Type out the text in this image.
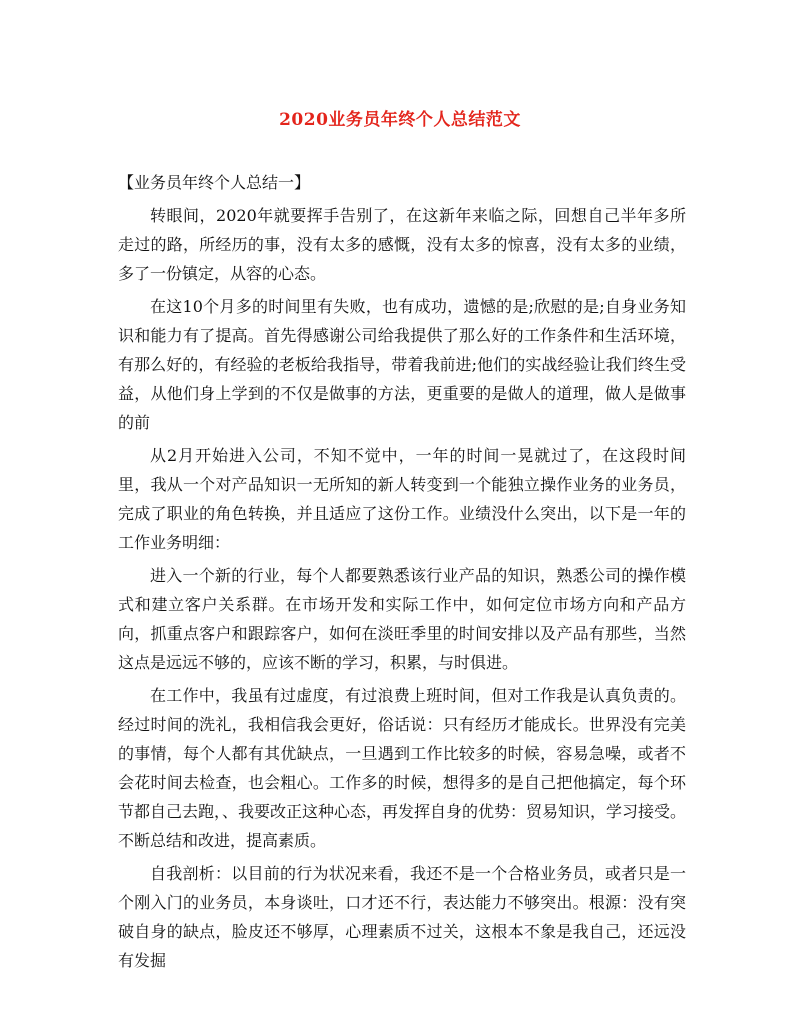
2020业务员年终个人总结范文

【业务员年终个人总结一】

转眼间，2020年就要挥手告别了，在这新年来临之际，回想自己半年多所走过的路，所经历的事，没有太多的感慨，没有太多的惊喜，没有太多的业绩，多了一份镇定，从容的心态。

在这10个月多的时间里有失败，也有成功，遗憾的是;欣慰的是;自身业务知识和能力有了提高。首先得感谢公司给我提供了那么好的工作条件和生活环境，有那么好的，有经验的老板给我指导，带着我前进;他们的实战经验让我们终生受益，从他们身上学到的不仅是做事的方法，更重要的是做人的道理，做人是做事的前

从2月开始进入公司，不知不觉中，一年的时间一晃就过了，在这段时间里，我从一个对产品知识一无所知的新人转变到一个能独立操作业务的业务员，完成了职业的角色转换，并且适应了这份工作。业绩没什么突出，以下是一年的工作业务明细：

进入一个新的行业，每个人都要熟悉该行业产品的知识，熟悉公司的操作模式和建立客户关系群。在市场开发和实际工作中，如何定位市场方向和产品方向，抓重点客户和跟踪客户，如何在淡旺季里的时间安排以及产品有那些，当然这点是远远不够的，应该不断的学习，积累，与时俱进。

在工作中，我虽有过虚度，有过浪费上班时间，但对工作我是认真负责的。经过时间的洗礼，我相信我会更好，俗话说：只有经历才能成长。世界没有完美的事情，每个人都有其优缺点，一旦遇到工作比较多的时候，容易急噪，或者不会花时间去检查，也会粗心。工作多的时候，想得多的是自己把他搞定，每个环节都自己去跑，、我要改正这种心态，再发挥自身的优势：贸易知识，学习接受。不断总结和改进，提高素质。

自我剖析：以目前的行为状况来看，我还不是一个合格业务员，或者只是一个刚入门的业务员，本身谈吐，口才还不行，表达能力不够突出。根源：没有突破自身的缺点，脸皮还不够厚，心理素质不过关，这根本不象是我自己，还远没有发掘
